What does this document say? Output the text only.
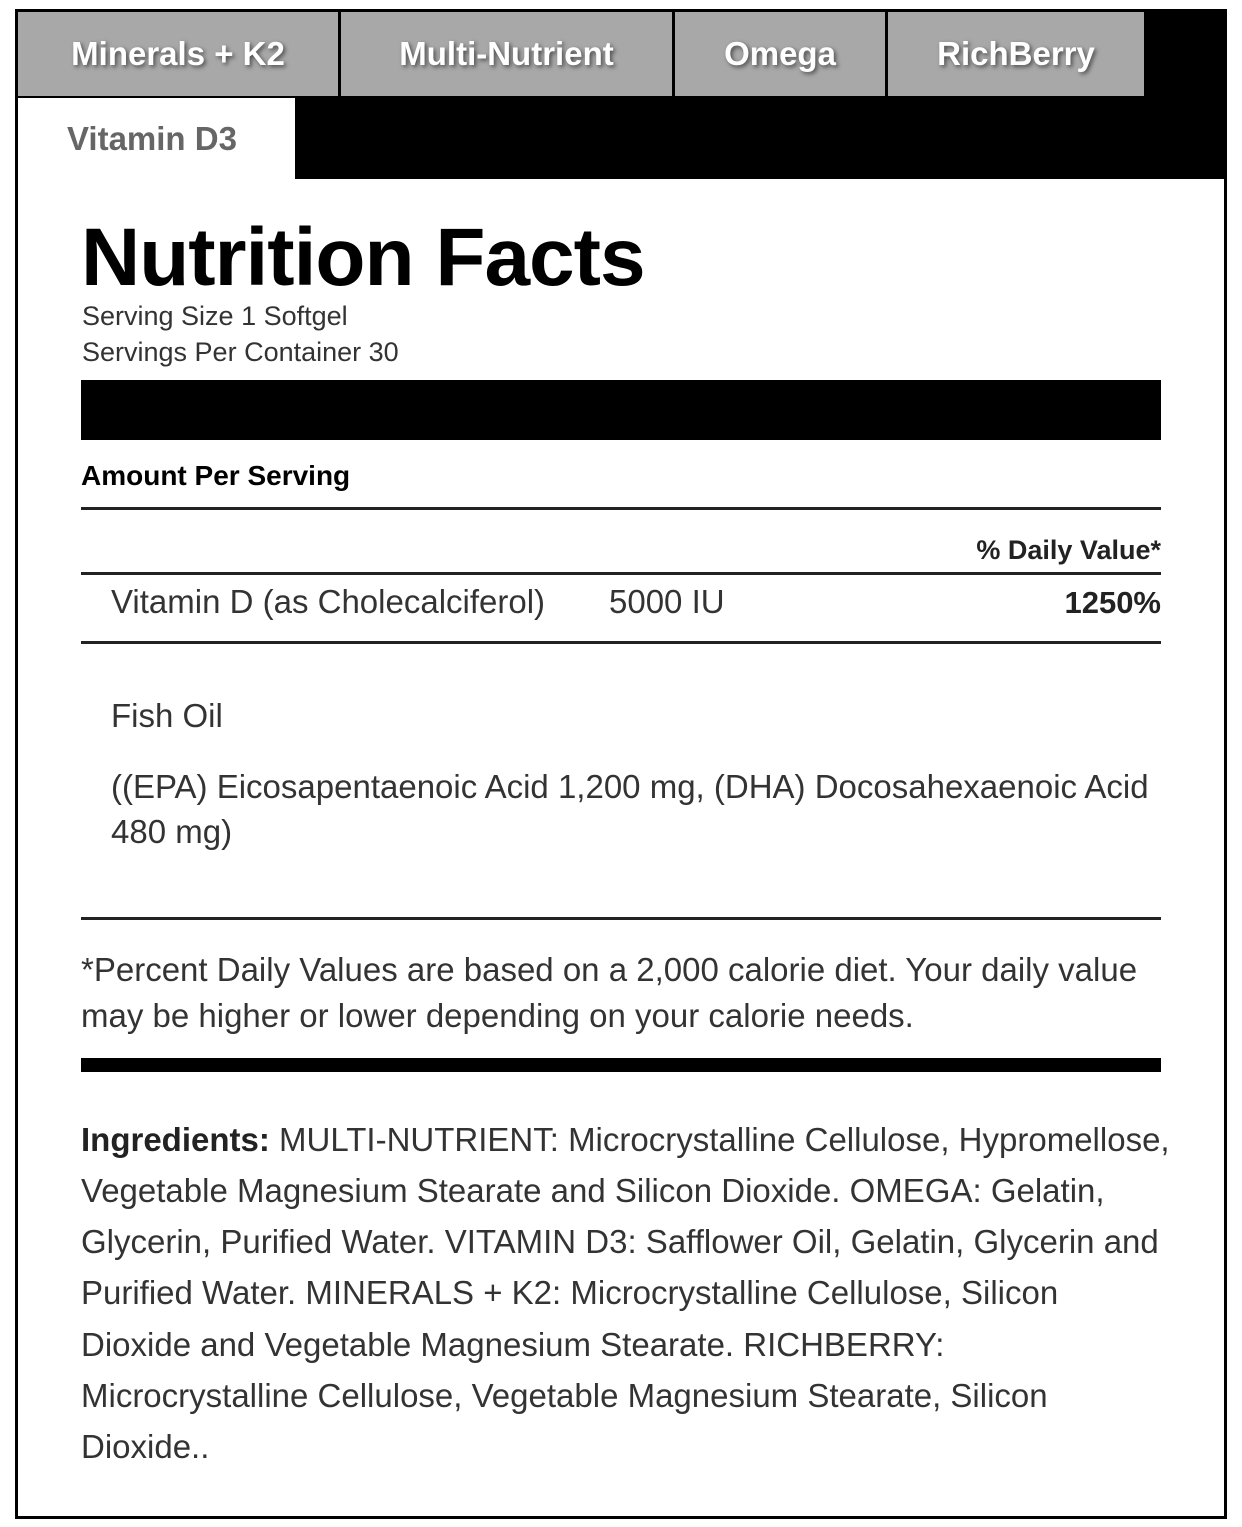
Minerals + K2	Multi-Nutrient	Omega	RichBerry
Vitamin D3
Nutrition Facts
Serving Size 1 Softgel
Servings Per Container 30
Amount Per Serving
% Daily Value*
Vitamin D (as Cholecalciferol) 5000 IU	1250%
Fish Oil
((EPA) Eicosapentaenoic Acid 1,200 mg, (DHA) Docosahexaenoic Acid 480 mg)
*Percent Daily Values are based on a 2,000 calorie diet. Your daily value may be higher or lower depending on your calorie needs.
Ingredients: MULTI-NUTRIENT: Microcrystalline Cellulose, Hypromellose, Vegetable Magnesium Stearate and Silicon Dioxide. OMEGA: Gelatin, Glycerin, Purified Water. VITAMIN D3: Safflower Oil, Gelatin, Glycerin and Purified Water. MINERALS + K2: Microcrystalline Cellulose, Silicon Dioxide and Vegetable Magnesium Stearate. RICHBERRY: Microcrystalline Cellulose, Vegetable Magnesium Stearate, Silicon Dioxide..
